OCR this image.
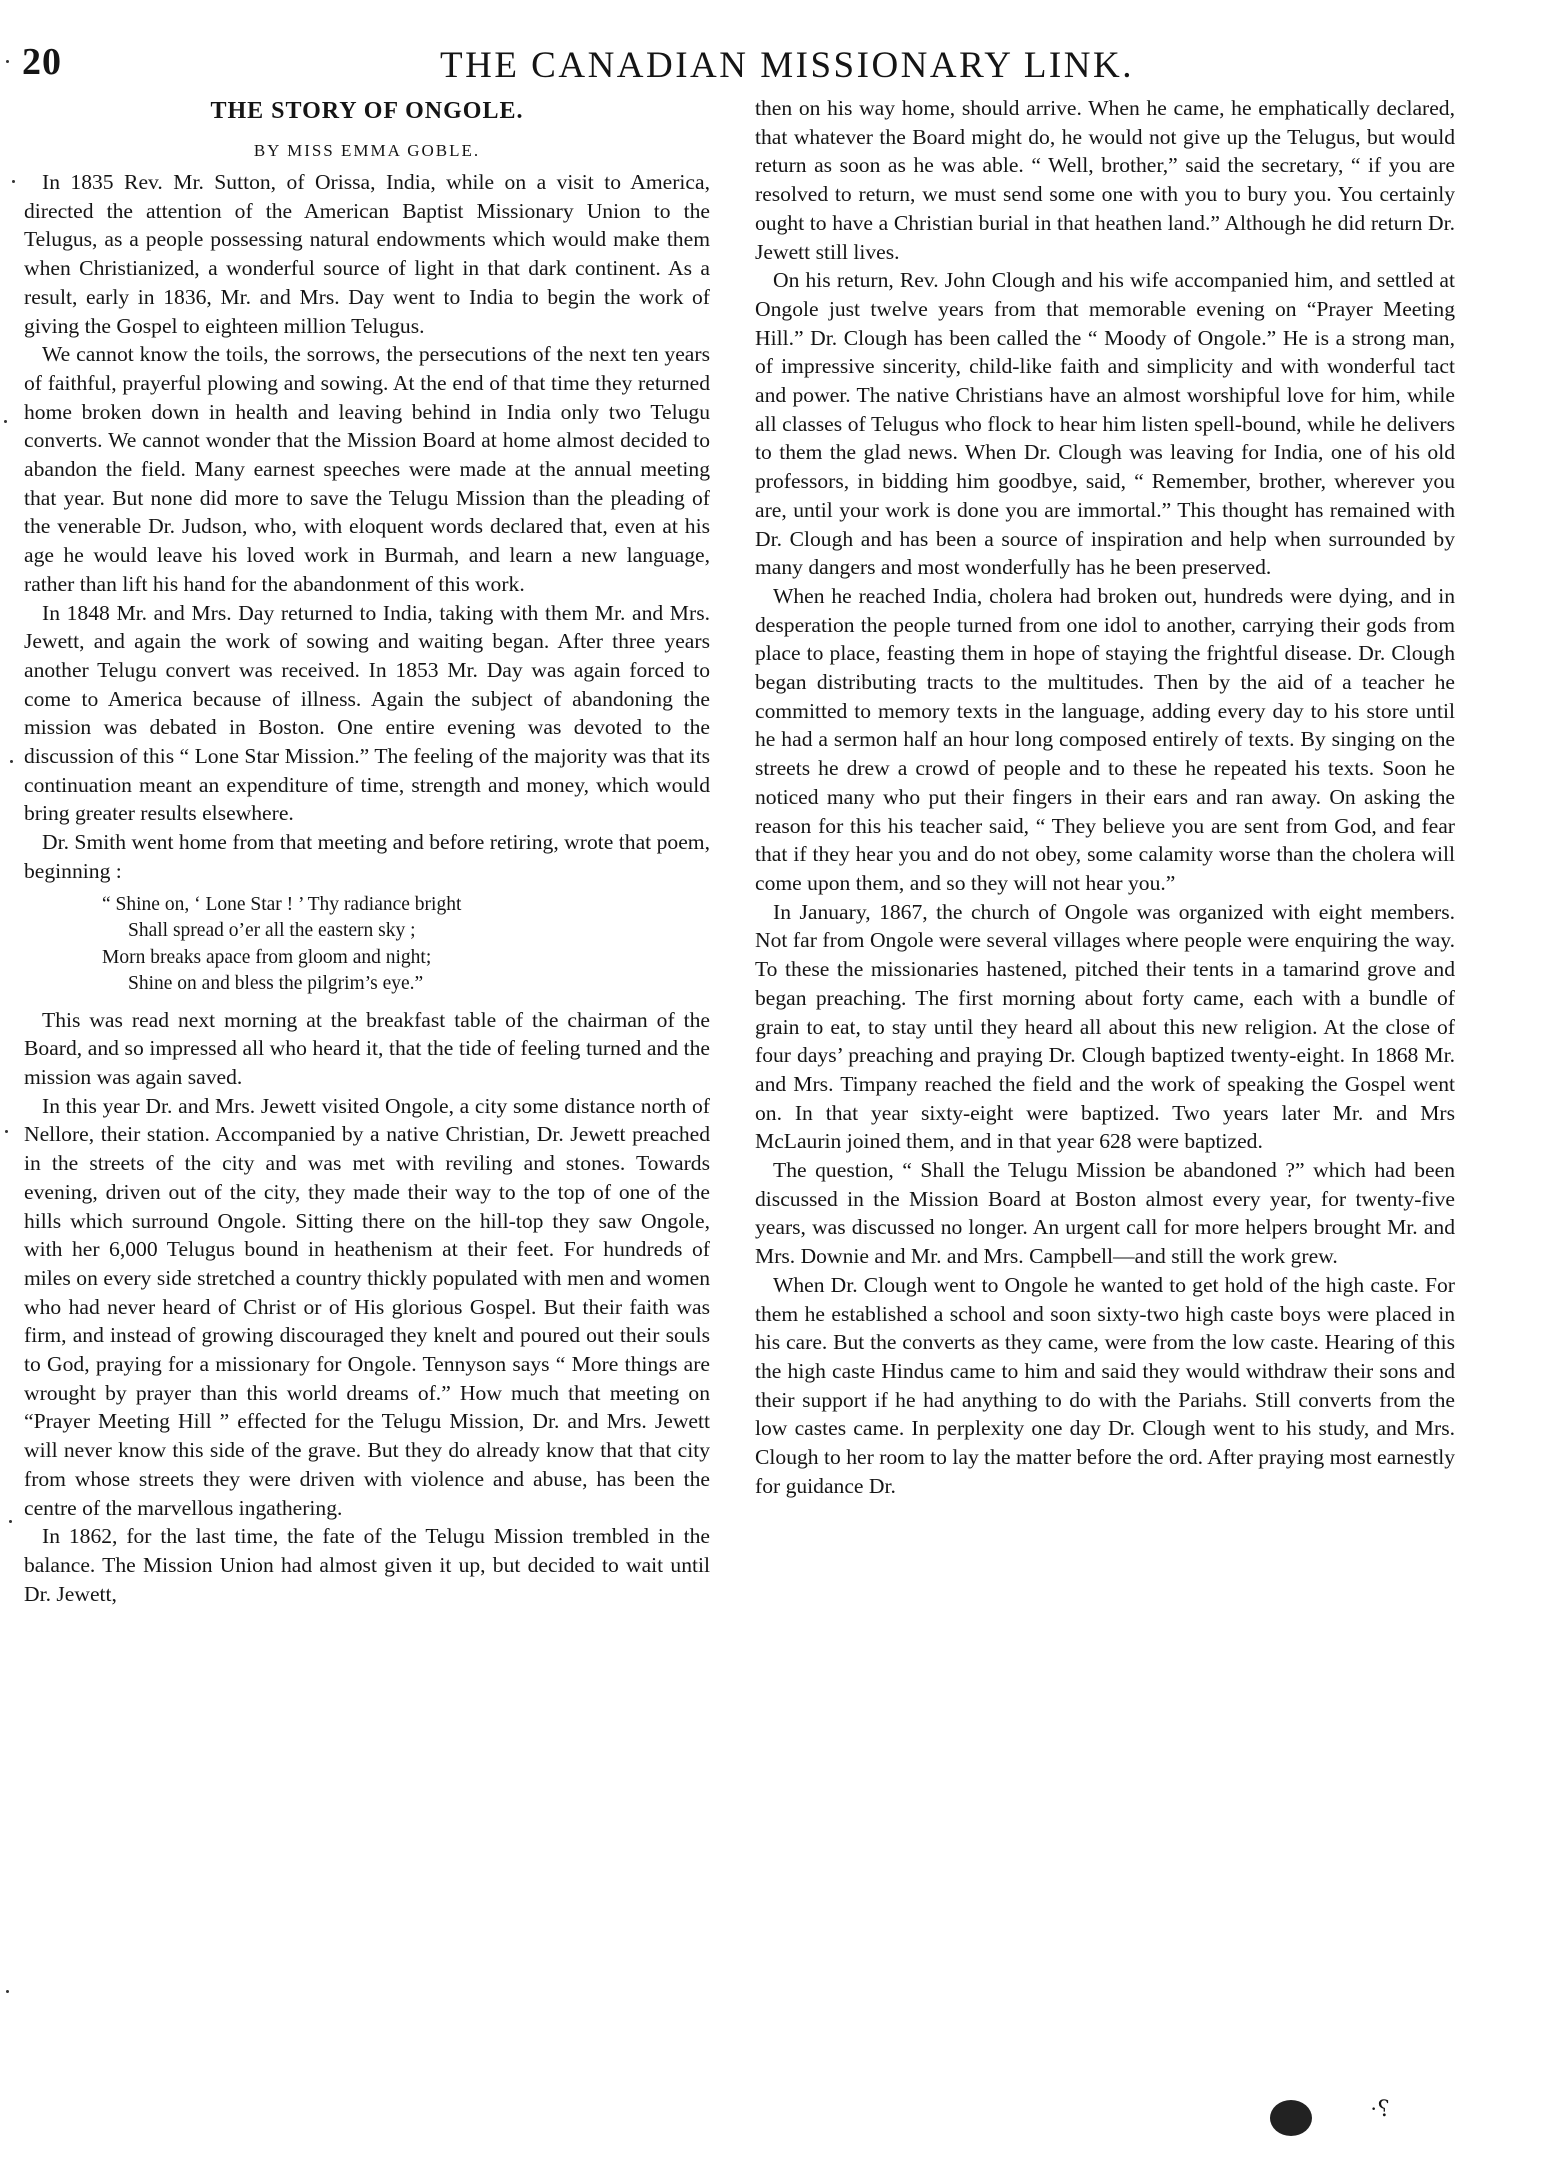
20	THE CANADIAN MISSIONARY LINK.
THE STORY OF ONGOLE.
BY MISS EMMA GOBLE.

In 1835 Rev. Mr. Sutton, of Orissa, India, while on a visit to America, directed the attention of the American Baptist Missionary Union to the Telugus, as a people possessing natural endowments which would make them when Christianized, a wonderful source of light in that dark continent. As a result, early in 1836, Mr. and Mrs. Day went to India to begin the work of giving the Gospel to eighteen million Telugus.

We cannot know the toils, the sorrows, the persecutions of the next ten years of faithful, prayerful plowing and sowing. At the end of that time they returned home broken down in health and leaving behind in India only two Telugu converts. We cannot wonder that the Mission Board at home almost decided to abandon the field. Many earnest speeches were made at the annual meeting that year. But none did more to save the Telugu Mission than the pleading of the venerable Dr. Judson, who, with eloquent words declared that, even at his age he would leave his loved work in Burmah, and learn a new language, rather than lift his hand for the abandonment of this work.

In 1848 Mr. and Mrs. Day returned to India, taking with them Mr. and Mrs. Jewett, and again the work of sowing and waiting began. After three years another Telugu convert was received. In 1853 Mr. Day was again forced to come to America because of illness. Again the subject of abandoning the mission was debated in Boston. One entire evening was devoted to the discussion of this “ Lone Star Mission.” The feeling of the majority was that its continuation meant an expenditure of time, strength and money, which would bring greater results elsewhere.

Dr. Smith went home from that meeting and before retiring, wrote that poem, beginning :

“ Shine on, ‘ Lone Star ! ’ Thy radiance bright
Shall spread o’er all the eastern sky ;
Morn breaks apace from gloom and night;
Shine on and bless the pilgrim’s eye.”

This was read next morning at the breakfast table of the chairman of the Board, and so impressed all who heard it, that the tide of feeling turned and the mission was again saved.

In this year Dr. and Mrs. Jewett visited Ongole, a city some distance north of Nellore, their station. Accompanied by a native Christian, Dr. Jewett preached in the streets of the city and was met with reviling and stones. Towards evening, driven out of the city, they made their way to the top of one of the hills which surround Ongole. Sitting there on the hill-top they saw Ongole, with her 6,000 Telugus bound in heathenism at their feet. For hundreds of miles on every side stretched a country thickly populated with men and women who had never heard of Christ or of His glorious Gospel. But their faith was firm, and instead of growing discouraged they knelt and poured out their souls to God, praying for a missionary for Ongole. Tennyson says “ More things are wrought by prayer than this world dreams of.” How much that meeting on “Prayer Meeting Hill ” effected for the Telugu Mission, Dr. and Mrs. Jewett will never know this side of the grave. But they do already know that that city from whose streets they were driven with violence and abuse, has been the centre of the marvellous ingathering.

In 1862, for the last time, the fate of the Telugu Mission trembled in the balance. The Mission Union had almost given it up, but decided to wait until Dr. Jewett,

then on his way home, should arrive. When he came, he emphatically declared, that whatever the Board might do, he would not give up the Telugus, but would return as soon as he was able. “ Well, brother,” said the secretary, “ if you are resolved to return, we must send some one with you to bury you. You certainly ought to have a Christian burial in that heathen land.” Although he did return Dr. Jewett still lives.

On his return, Rev. John Clough and his wife accompanied him, and settled at Ongole just twelve years from that memorable evening on “Prayer Meeting Hill.” Dr. Clough has been called the “ Moody of Ongole.” He is a strong man, of impressive sincerity, child-like faith and simplicity and with wonderful tact and power. The native Christians have an almost worshipful love for him, while all classes of Telugus who flock to hear him listen spell-bound, while he delivers to them the glad news. When Dr. Clough was leaving for India, one of his old professors, in bidding him goodbye, said, “ Remember, brother, wherever you are, until your work is done you are immortal.” This thought has remained with Dr. Clough and has been a source of inspiration and help when surrounded by many dangers and most wonderfully has he been preserved.

When he reached India, cholera had broken out, hundreds were dying, and in desperation the people turned from one idol to another, carrying their gods from place to place, feasting them in hope of staying the frightful disease. Dr. Clough began distributing tracts to the multitudes. Then by the aid of a teacher he committed to memory texts in the language, adding every day to his store until he had a sermon half an hour long composed entirely of texts. By singing on the streets he drew a crowd of people and to these he repeated his texts. Soon he noticed many who put their fingers in their ears and ran away. On asking the reason for this his teacher said, “ They believe you are sent from God, and fear that if they hear you and do not obey, some calamity worse than the cholera will come upon them, and so they will not hear you.”

In January, 1867, the church of Ongole was organized with eight members. Not far from Ongole were several villages where people were enquiring the way. To these the missionaries hastened, pitched their tents in a tamarind grove and began preaching. The first morning about forty came, each with a bundle of grain to eat, to stay until they heard all about this new religion. At the close of four days’ preaching and praying Dr. Clough baptized twenty-eight. In 1868 Mr. and Mrs. Timpany reached the field and the work of speaking the Gospel went on. In that year sixty-eight were baptized. Two years later Mr. and Mrs McLaurin joined them, and in that year 628 were baptized.

The question, “ Shall the Telugu Mission be abandoned ?” which had been discussed in the Mission Board at Boston almost every year, for twenty-five years, was discussed no longer. An urgent call for more helpers brought Mr. and Mrs. Downie and Mr. and Mrs. Campbell—and still the work grew.

When Dr. Clough went to Ongole he wanted to get hold of the high caste. For them he established a school and soon sixty-two high caste boys were placed in his care. But the converts as they came, were from the low caste. Hearing of this the high caste Hindus came to him and said they would withdraw their sons and their support if he had anything to do with the Pariahs. Still converts from the low castes came. In perplexity one day Dr. Clough went to his study, and Mrs. Clough to her room to lay the matter before the ord. After praying most earnestly for guidance Dr.

·⸮
